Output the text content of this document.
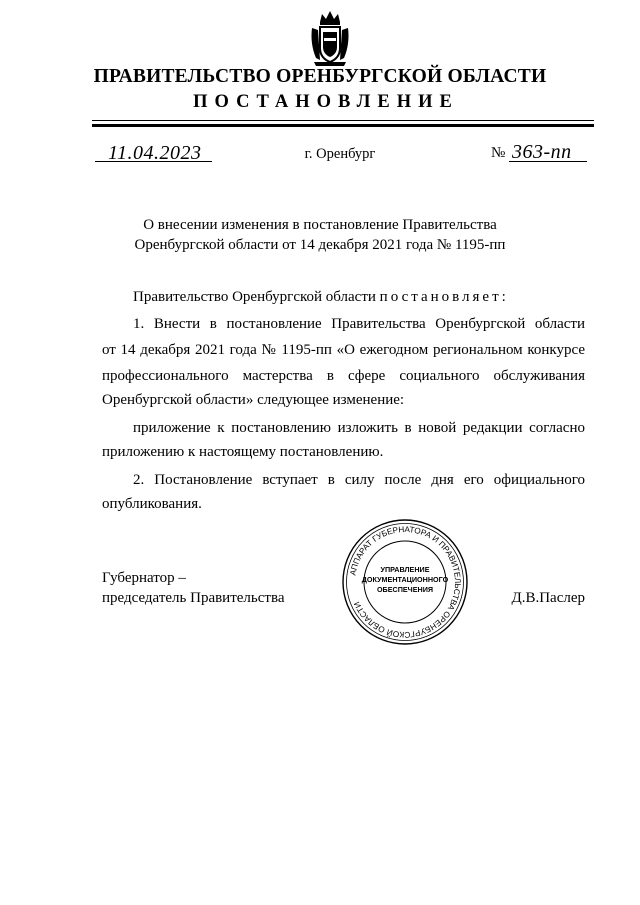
ПРАВИТЕЛЬСТВО ОРЕНБУРГСКОЙ ОБЛАСТИ
ПОСТАНОВЛЕНИЕ
11.04.2023	г. Оренбург	№ 363-пп
О внесении изменения в постановление Правительства
Оренбургской области от 14 декабря 2021 года № 1195-пп
Правительство Оренбургской области постановляет:
1. Внести в постановление Правительства Оренбургской области
от 14 декабря 2021 года № 1195-пп «О ежегодном региональном конкурсе
профессионального мастерства в сфере социального обслуживания
Оренбургской области» следующее изменение:
приложение к постановлению изложить в новой редакции согласно
приложению к настоящему постановлению.
2. Постановление вступает в силу после дня его официального
опубликования.
Губернатор –
председатель Правительства	Д.В.Паслер
АППАРАТ ГУБЕРНАТОРА И ПРАВИТЕЛЬСТВА ОРЕНБУРГСКОЙ ОБЛАСТИ
УПРАВЛЕНИЕ
ДОКУМЕНТАЦИОННОГО
ОБЕСПЕЧЕНИЯ
